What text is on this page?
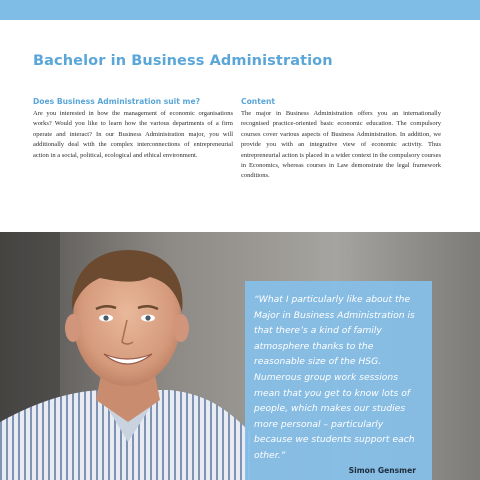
Bachelor in Business Administration
Does Business Administration suit me?

Are you interested in how the management of economic organisations works? Would you like to learn how the various departments of a firm operate and interact? In our Business Administration major, you will additionally deal with the complex interconnections of entrepreneurial action in a social, political, ecological and ethical environment.

Content

The major in Business Administration offers you an internationally recognised practice-oriented basic economic education. The compulsory courses cover various aspects of Business Administration. In addition, we provide you with an integrative view of economic activity. Thus entrepreneurial action is placed in a wider context in the compulsory courses in Economics, whereas courses in Law demonstrate the legal framework conditions.

“What I particularly like about the Major in Business Administration is that there’s a kind of family atmosphere thanks to the reasonable size of the HSG. Numerous group work sessions mean that you get to know lots of people, which makes our studies more personal – particularly because we students support each other.”

Simon Gensmer
